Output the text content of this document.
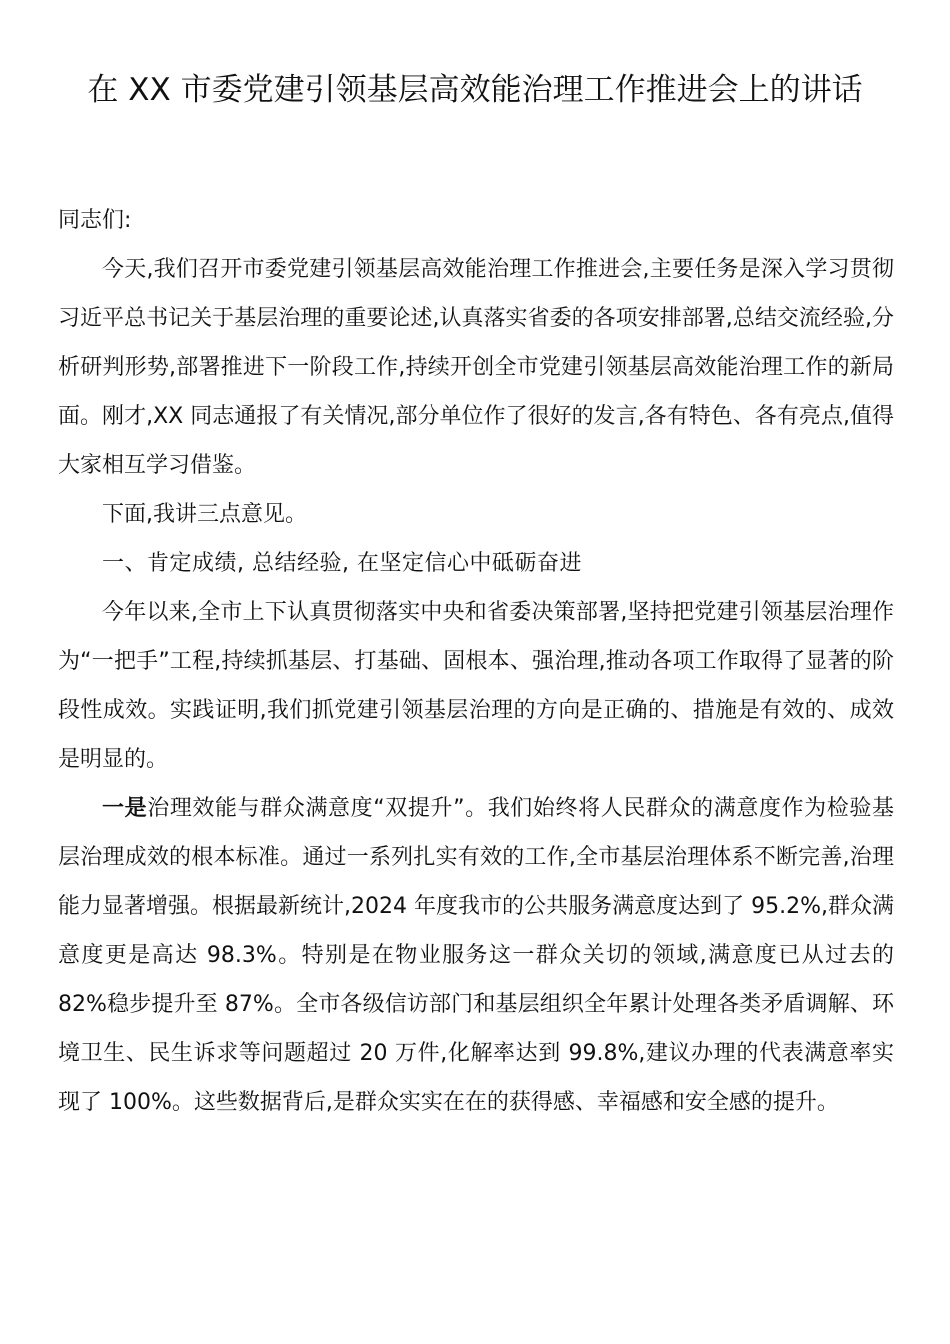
在 XX 市委党建引领基层高效能治理工作推进会上的讲话

同志们:

今天,我们召开市委党建引领基层高效能治理工作推进会,主要任务是深入学习贯彻习近平总书记关于基层治理的重要论述,认真落实省委的各项安排部署,总结交流经验,分析研判形势,部署推进下一阶段工作,持续开创全市党建引领基层高效能治理工作的新局面。刚才,XX 同志通报了有关情况,部分单位作了很好的发言,各有特色、各有亮点,值得大家相互学习借鉴。

下面,我讲三点意见。

一、肯定成绩, 总结经验, 在坚定信心中砥砺奋进

今年以来,全市上下认真贯彻落实中央和省委决策部署,坚持把党建引领基层治理作为“一把手”工程,持续抓基层、打基础、固根本、强治理,推动各项工作取得了显著的阶段性成效。实践证明,我们抓党建引领基层治理的方向是正确的、措施是有效的、成效是明显的。

一是治理效能与群众满意度“双提升”。我们始终将人民群众的满意度作为检验基层治理成效的根本标准。通过一系列扎实有效的工作,全市基层治理体系不断完善,治理能力显著增强。根据最新统计,2024 年度我市的公共服务满意度达到了 95.2%,群众满意度更是高达 98.3%。特别是在物业服务这一群众关切的领域,满意度已从过去的 82%稳步提升至 87%。全市各级信访部门和基层组织全年累计处理各类矛盾调解、环境卫生、民生诉求等问题超过 20 万件,化解率达到 99.8%,建议办理的代表满意率实现了 100%。这些数据背后,是群众实实在在的获得感、幸福感和安全感的提升。
